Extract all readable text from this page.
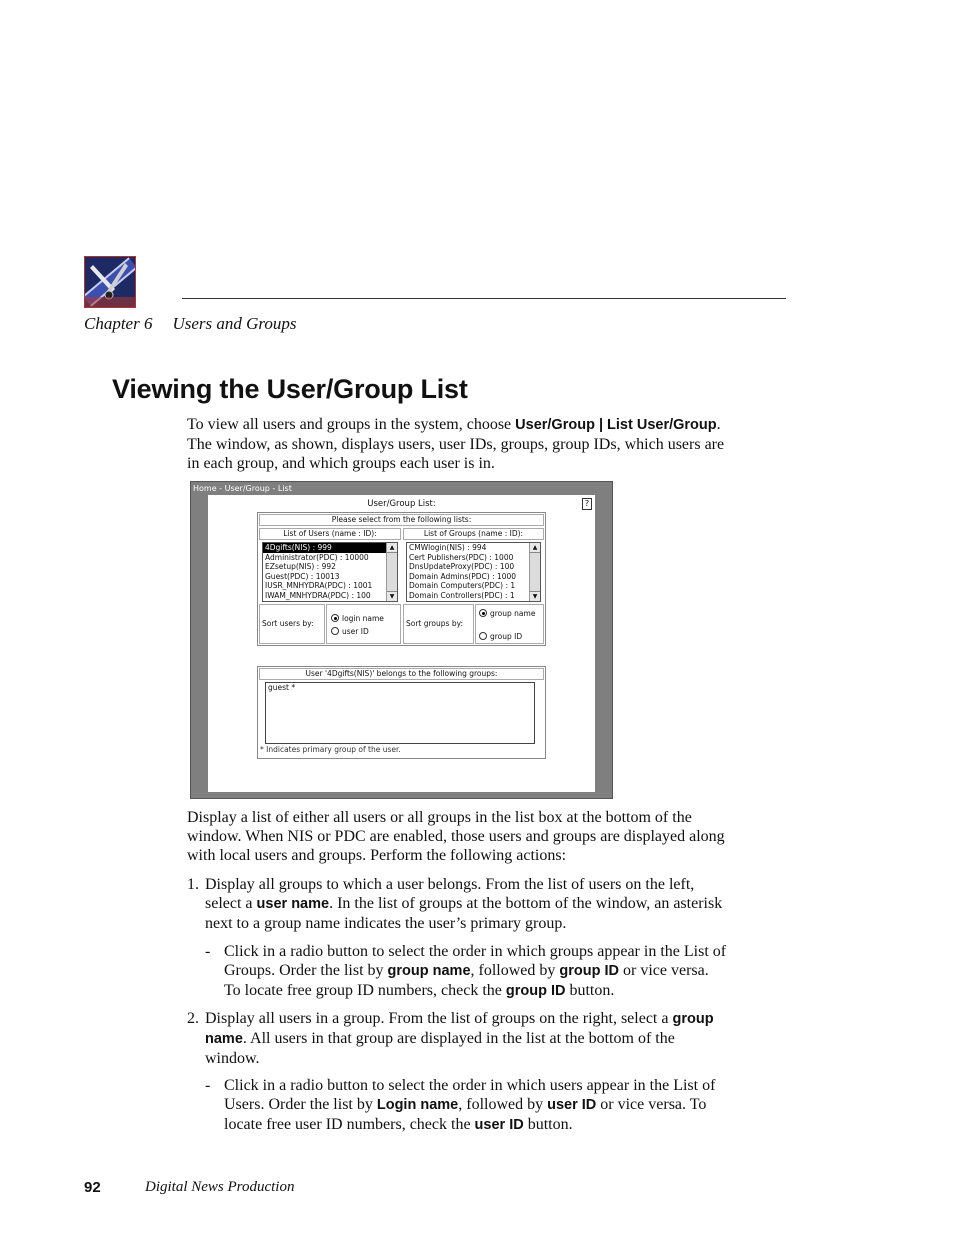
Chapter 6 Users and Groups
Viewing the User/Group List
To view all users and groups in the system, choose User/Group | List User/Group. The window, as shown, displays users, user IDs, groups, group IDs, which users are in each group, and which groups each user is in.
Home - User/Group - List
User/Group List:	?
Please select from the following lists:
List of Users (name : ID):	List of Groups (name : ID):
4Dgifts(NIS) : 999
Administrator(PDC) : 10000
EZsetup(NIS) : 992
Guest(PDC) : 10013
IUSR_MNHYDRA(PDC) : 1001
IWAM_MNHYDRA(PDC) : 100
▲
▼
CMWlogin(NIS) : 994
Cert Publishers(PDC) : 1000
DnsUpdateProxy(PDC) : 100
Domain Admins(PDC) : 1000
Domain Computers(PDC) : 1
Domain Controllers(PDC) : 1
▲
▼
Sort users by:
login name
user ID
Sort groups by:
group name
group ID
User '4Dgifts(NIS)' belongs to the following groups:
guest *
* Indicates primary group of the user.
Display a list of either all users or all groups in the list box at the bottom of the window. When NIS or PDC are enabled, those users and groups are displayed along with local users and groups. Perform the following actions:
1. Display all groups to which a user belongs. From the list of users on the left, select a user name. In the list of groups at the bottom of the window, an asterisk next to a group name indicates the user’s primary group.
- Click in a radio button to select the order in which groups appear in the List of Groups. Order the list by group name, followed by group ID or vice versa. To locate free group ID numbers, check the group ID button.
2. Display all users in a group. From the list of groups on the right, select a group name. All users in that group are displayed in the list at the bottom of the window.
- Click in a radio button to select the order in which users appear in the List of Users. Order the list by Login name, followed by user ID or vice versa. To locate free user ID numbers, check the user ID button.
92	Digital News Production
